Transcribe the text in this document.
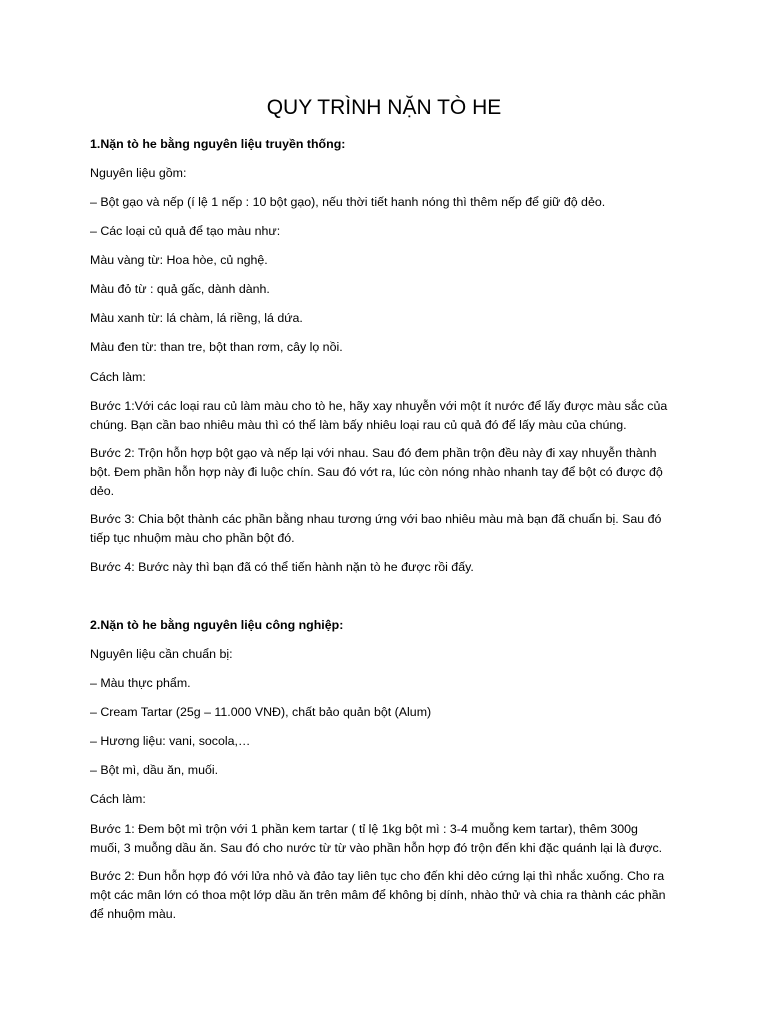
QUY TRÌNH NẶN TÒ HE

1.Nặn tò he bằng nguyên liệu truyền thống:

Nguyên liệu gồm:

– Bột gạo và nếp (í lệ 1 nếp : 10 bột gạo), nếu thời tiết hanh nóng thì thêm nếp để giữ độ dẻo.

– Các loại củ quả để tạo màu như:

Màu vàng từ: Hoa hòe, củ nghệ.

Màu đỏ từ : quả gấc, dành dành.

Màu xanh từ: lá chàm, lá riềng, lá dứa.

Màu đen từ: than tre, bột than rơm, cây lọ nồi.

Cách làm:

Bước 1:Với các loại rau củ làm màu cho tò he, hãy xay nhuyễn với một ít nước để lấy được màu sắc của
chúng. Bạn cần bao nhiêu màu thì có thể làm bấy nhiêu loại rau củ quả đó để lấy màu của chúng.

Bước 2: Trộn hỗn hợp bột gạo và nếp lại với nhau. Sau đó đem phần trộn đều này đi xay nhuyễn thành
bột. Đem phần hỗn hợp này đi luộc chín. Sau đó vớt ra, lúc còn nóng nhào nhanh tay để bột có được độ
dẻo.

Bước 3: Chia bột thành các phần bằng nhau tương ứng với bao nhiêu màu mà bạn đã chuẩn bị. Sau đó
tiếp tục nhuộm màu cho phần bột đó.

Bước 4: Bước này thì bạn đã có thể tiến hành nặn tò he được rồi đấy.

2.Nặn tò he bằng nguyên liệu công nghiệp:

Nguyên liệu cần chuẩn bị:

– Màu thực phẩm.

– Cream Tartar (25g – 11.000 VNĐ), chất bảo quản bột (Alum)

– Hương liệu: vani, socola,…

– Bột mì, dầu ăn, muối.

Cách làm:

Bước 1: Đem bột mì trộn với 1 phần kem tartar ( tỉ lệ 1kg bột mì : 3-4 muỗng kem tartar), thêm 300g
muối, 3 muỗng dầu ăn. Sau đó cho nước từ từ vào phần hỗn hợp đó trộn đến khi đặc quánh lại là được.

Bước 2: Đun hỗn hợp đó với lửa nhỏ và đảo tay liên tục cho đến khi dẻo cứng lại thì nhắc xuống. Cho ra
một các mân lớn có thoa một lớp dầu ăn trên mâm để không bị dính, nhào thử và chia ra thành các phần
để nhuộm màu.
